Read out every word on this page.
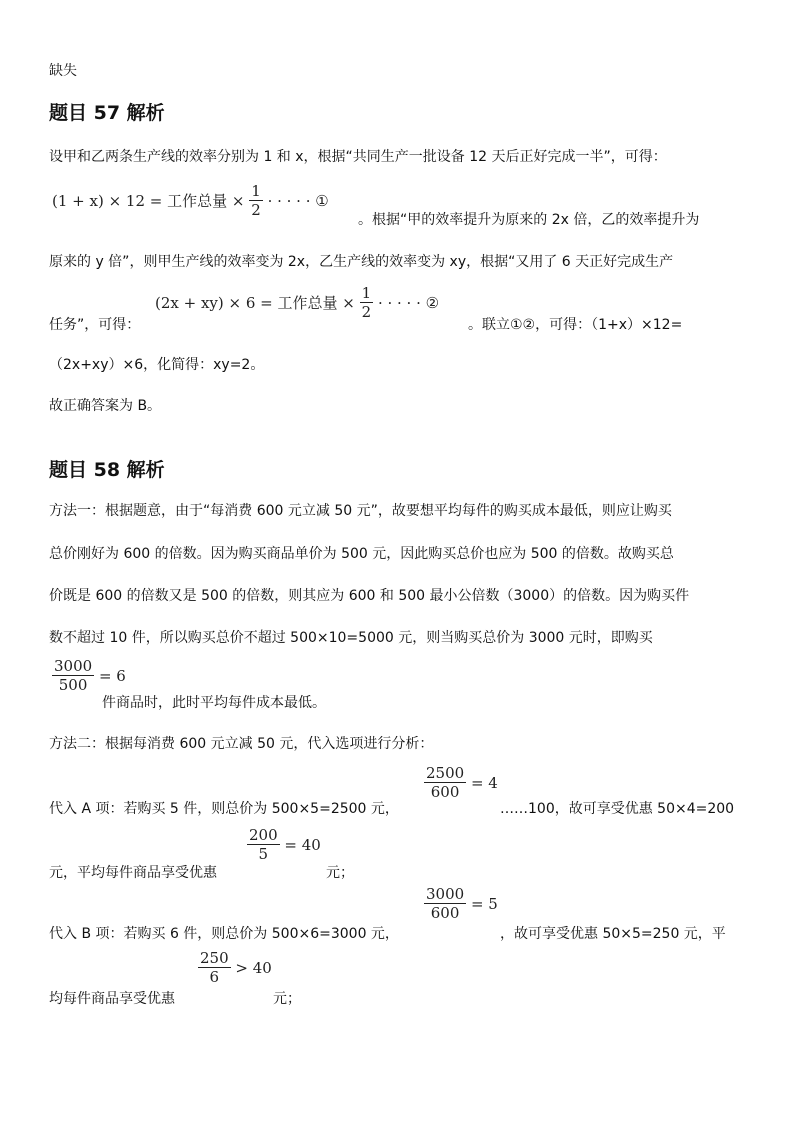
缺失
题目 57 解析
设甲和乙两条生产线的效率分别为 1 和 x，根据“共同生产一批设备 12 天后正好完成一半”，可得：
(1 + x) × 12 = 工作总量 × $\frac{1}{2}$ · · · · · ①
。根据“甲的效率提升为原来的 2x 倍，乙的效率提升为
原来的 y 倍”，则甲生产线的效率变为 2x，乙生产线的效率变为 xy，根据“又用了 6 天正好完成生产
(2x + xy) × 6 = 工作总量 × $\frac{1}{2}$ · · · · · ②
任务”，可得：	。联立①②，可得：（1+x）×12=
（2x+xy）×6，化简得：xy=2。
故正确答案为 B。
题目 58 解析
方法一：根据题意，由于“每消费 600 元立减 50 元”，故要想平均每件的购买成本最低，则应让购买
总价刚好为 600 的倍数。因为购买商品单价为 500 元，因此购买总价也应为 500 的倍数。故购买总
价既是 600 的倍数又是 500 的倍数，则其应为 600 和 500 最小公倍数（3000）的倍数。因为购买件
数不超过 10 件，所以购买总价不超过 500×10=5000 元，则当购买总价为 3000 元时，即购买
$\frac{3000}{500} = 6$
件商品时，此时平均每件成本最低。
方法二：根据每消费 600 元立减 50 元，代入选项进行分析：
$\frac{2500}{600} = 4$
代入 A 项：若购买 5 件，则总价为 500×5=2500 元，	……100，故可享受优惠 50×4=200
$\frac{200}{5} = 40$
元，平均每件商品享受优惠	元；
$\frac{3000}{600} = 5$
代入 B 项：若购买 6 件，则总价为 500×6=3000 元，	，故可享受优惠 50×5=250 元，平
$\frac{250}{6} > 40$
均每件商品享受优惠	元；
